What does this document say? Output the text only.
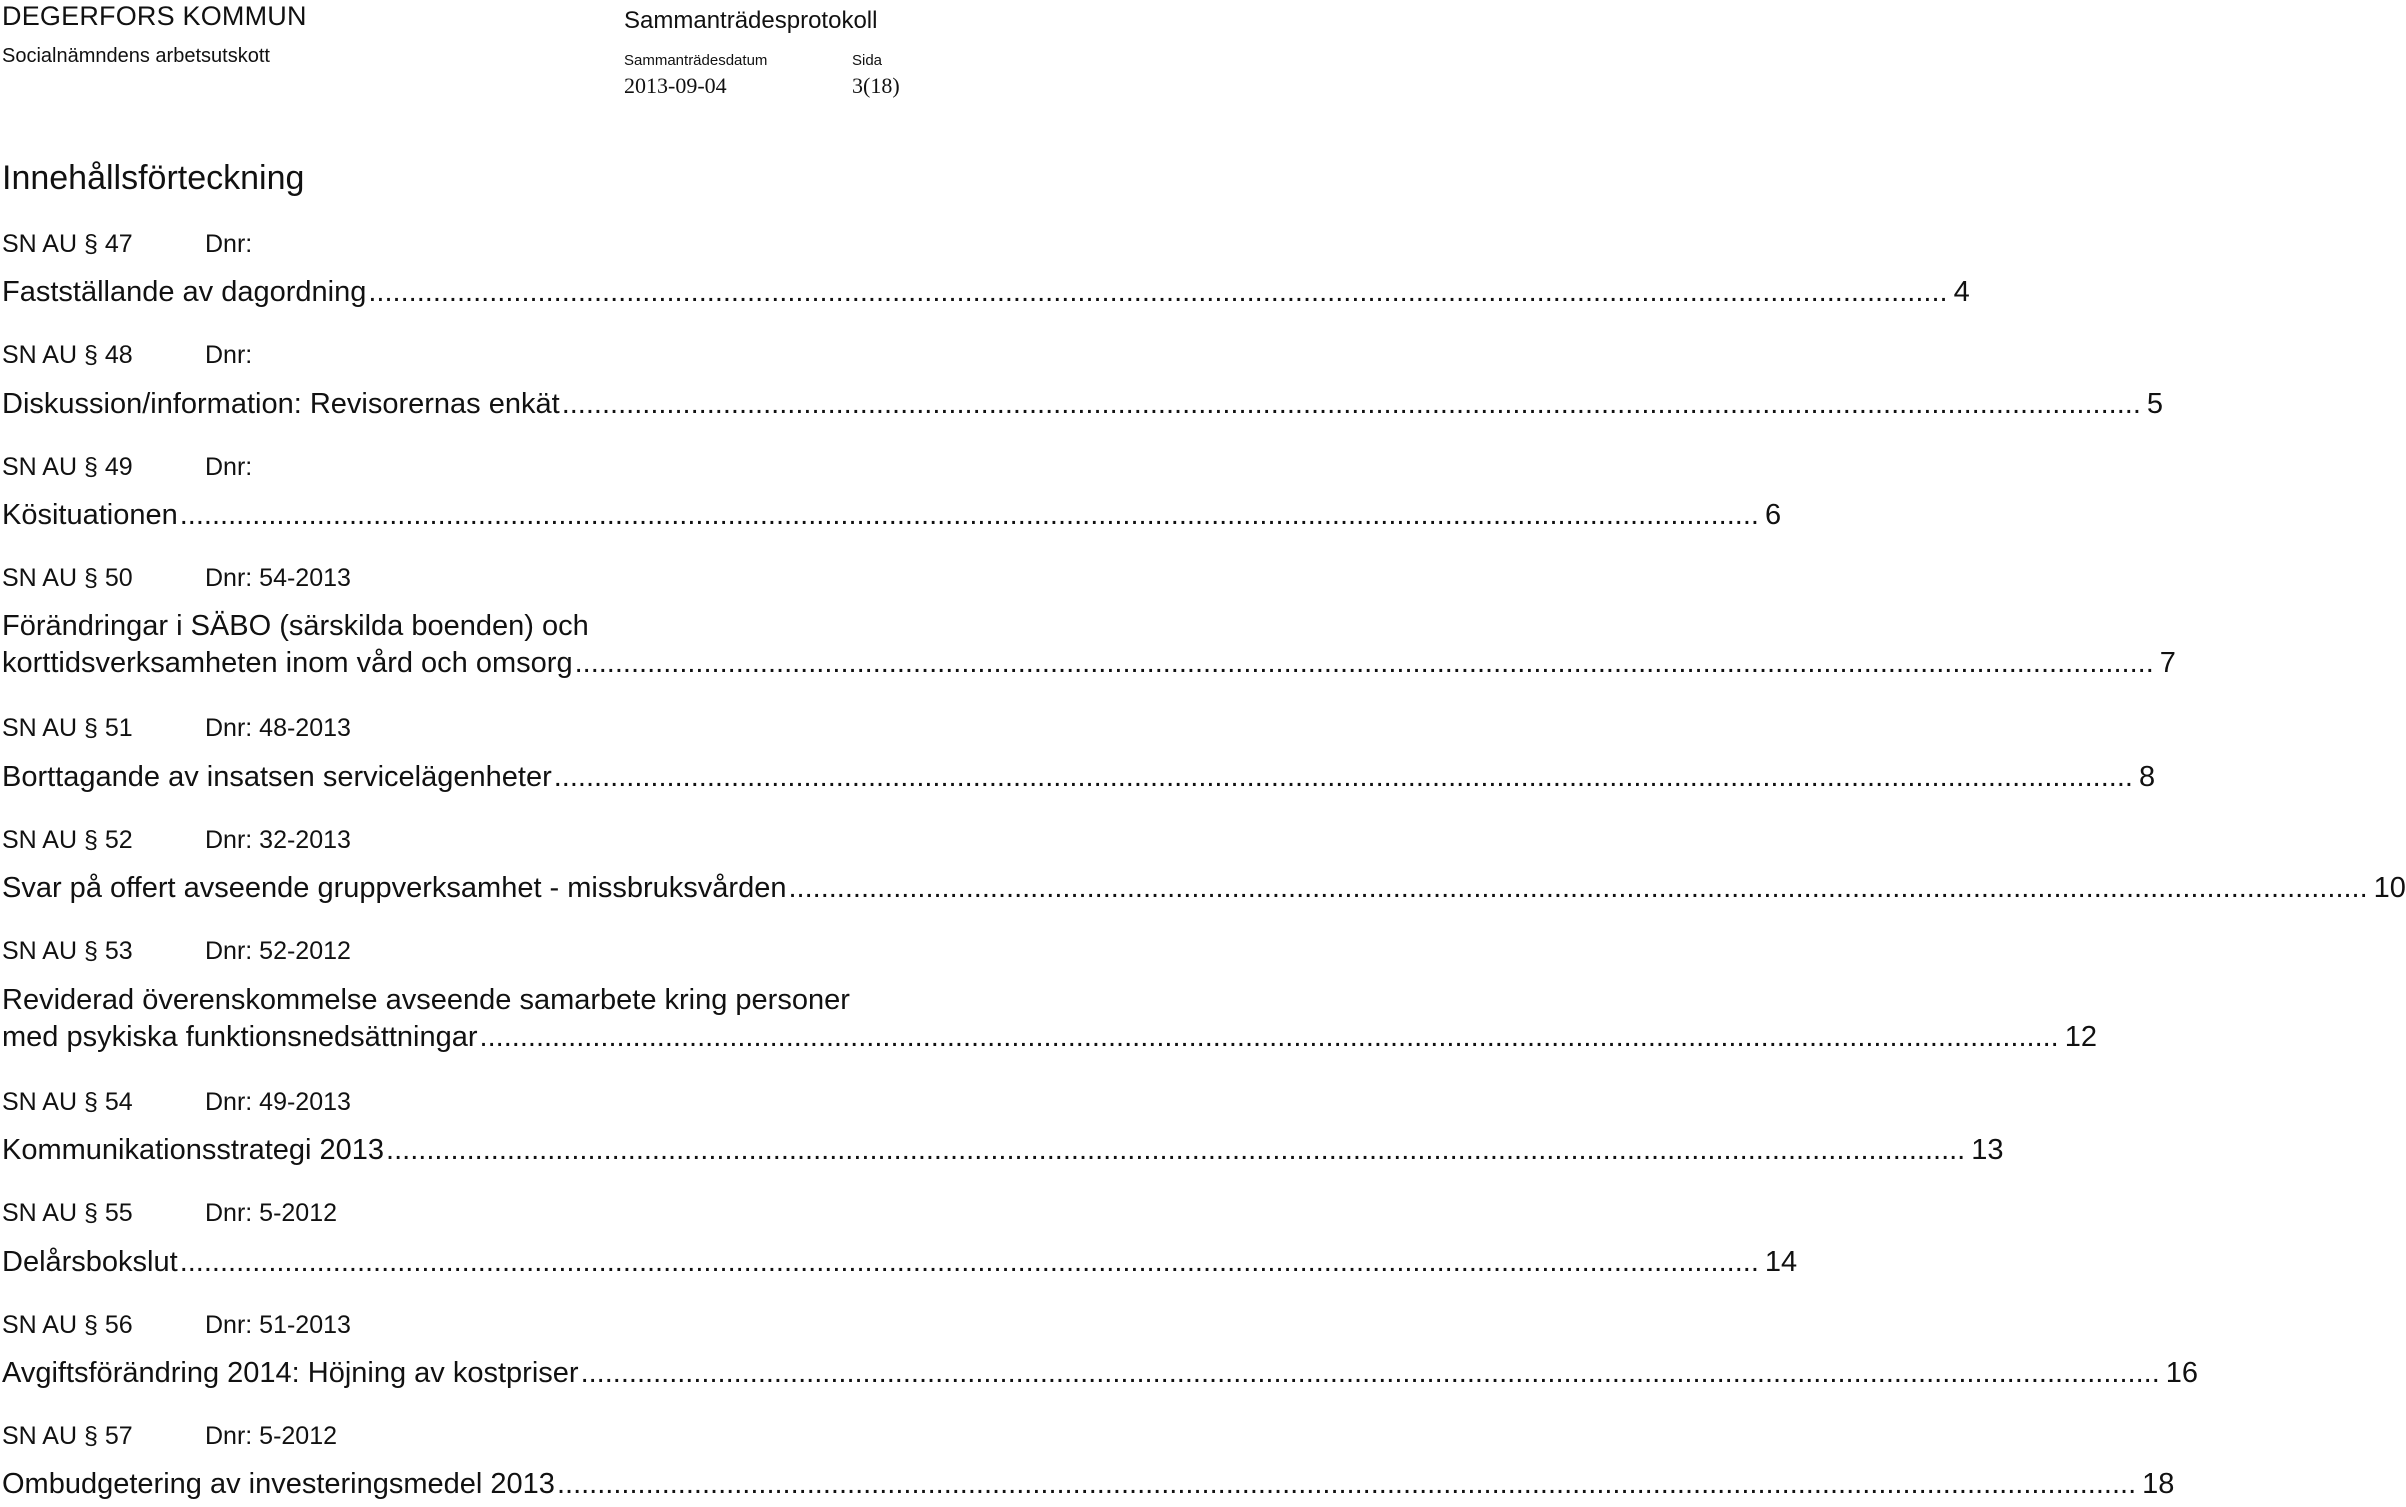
DEGERFORS KOMMUN
Socialnämndens arbetsutskott
Sammanträdesprotokoll
Sammanträdesdatum	Sida
2013-09-04	3(18)
Innehållsförteckning
SN AU § 47	Dnr:
Fastställande av dagordning .................................................................................................................................................................................................... 4
SN AU § 48	Dnr:
Diskussion/information: Revisorernas enkät .................................................................................................................................................................................................... 5
SN AU § 49	Dnr:
Kösituationen .................................................................................................................................................................................................... 6
SN AU § 50	Dnr: 54-2013
Förändringar i SÄBO (särskilda boenden) och
korttidsverksamheten inom vård och omsorg .................................................................................................................................................................................................... 7
SN AU § 51	Dnr: 48-2013
Borttagande av insatsen servicelägenheter .................................................................................................................................................................................................... 8
SN AU § 52	Dnr: 32-2013
Svar på offert avseende gruppverksamhet - missbruksvården .................................................................................................................................................................................................... 10
SN AU § 53	Dnr: 52-2012
Reviderad överenskommelse avseende samarbete kring personer
med psykiska funktionsnedsättningar .................................................................................................................................................................................................... 12
SN AU § 54	Dnr: 49-2013
Kommunikationsstrategi 2013 .................................................................................................................................................................................................... 13
SN AU § 55	Dnr: 5-2012
Delårsbokslut .................................................................................................................................................................................................... 14
SN AU § 56	Dnr: 51-2013
Avgiftsförändring 2014: Höjning av kostpriser .................................................................................................................................................................................................... 16
SN AU § 57	Dnr: 5-2012
Ombudgetering av investeringsmedel 2013 .................................................................................................................................................................................................... 18
